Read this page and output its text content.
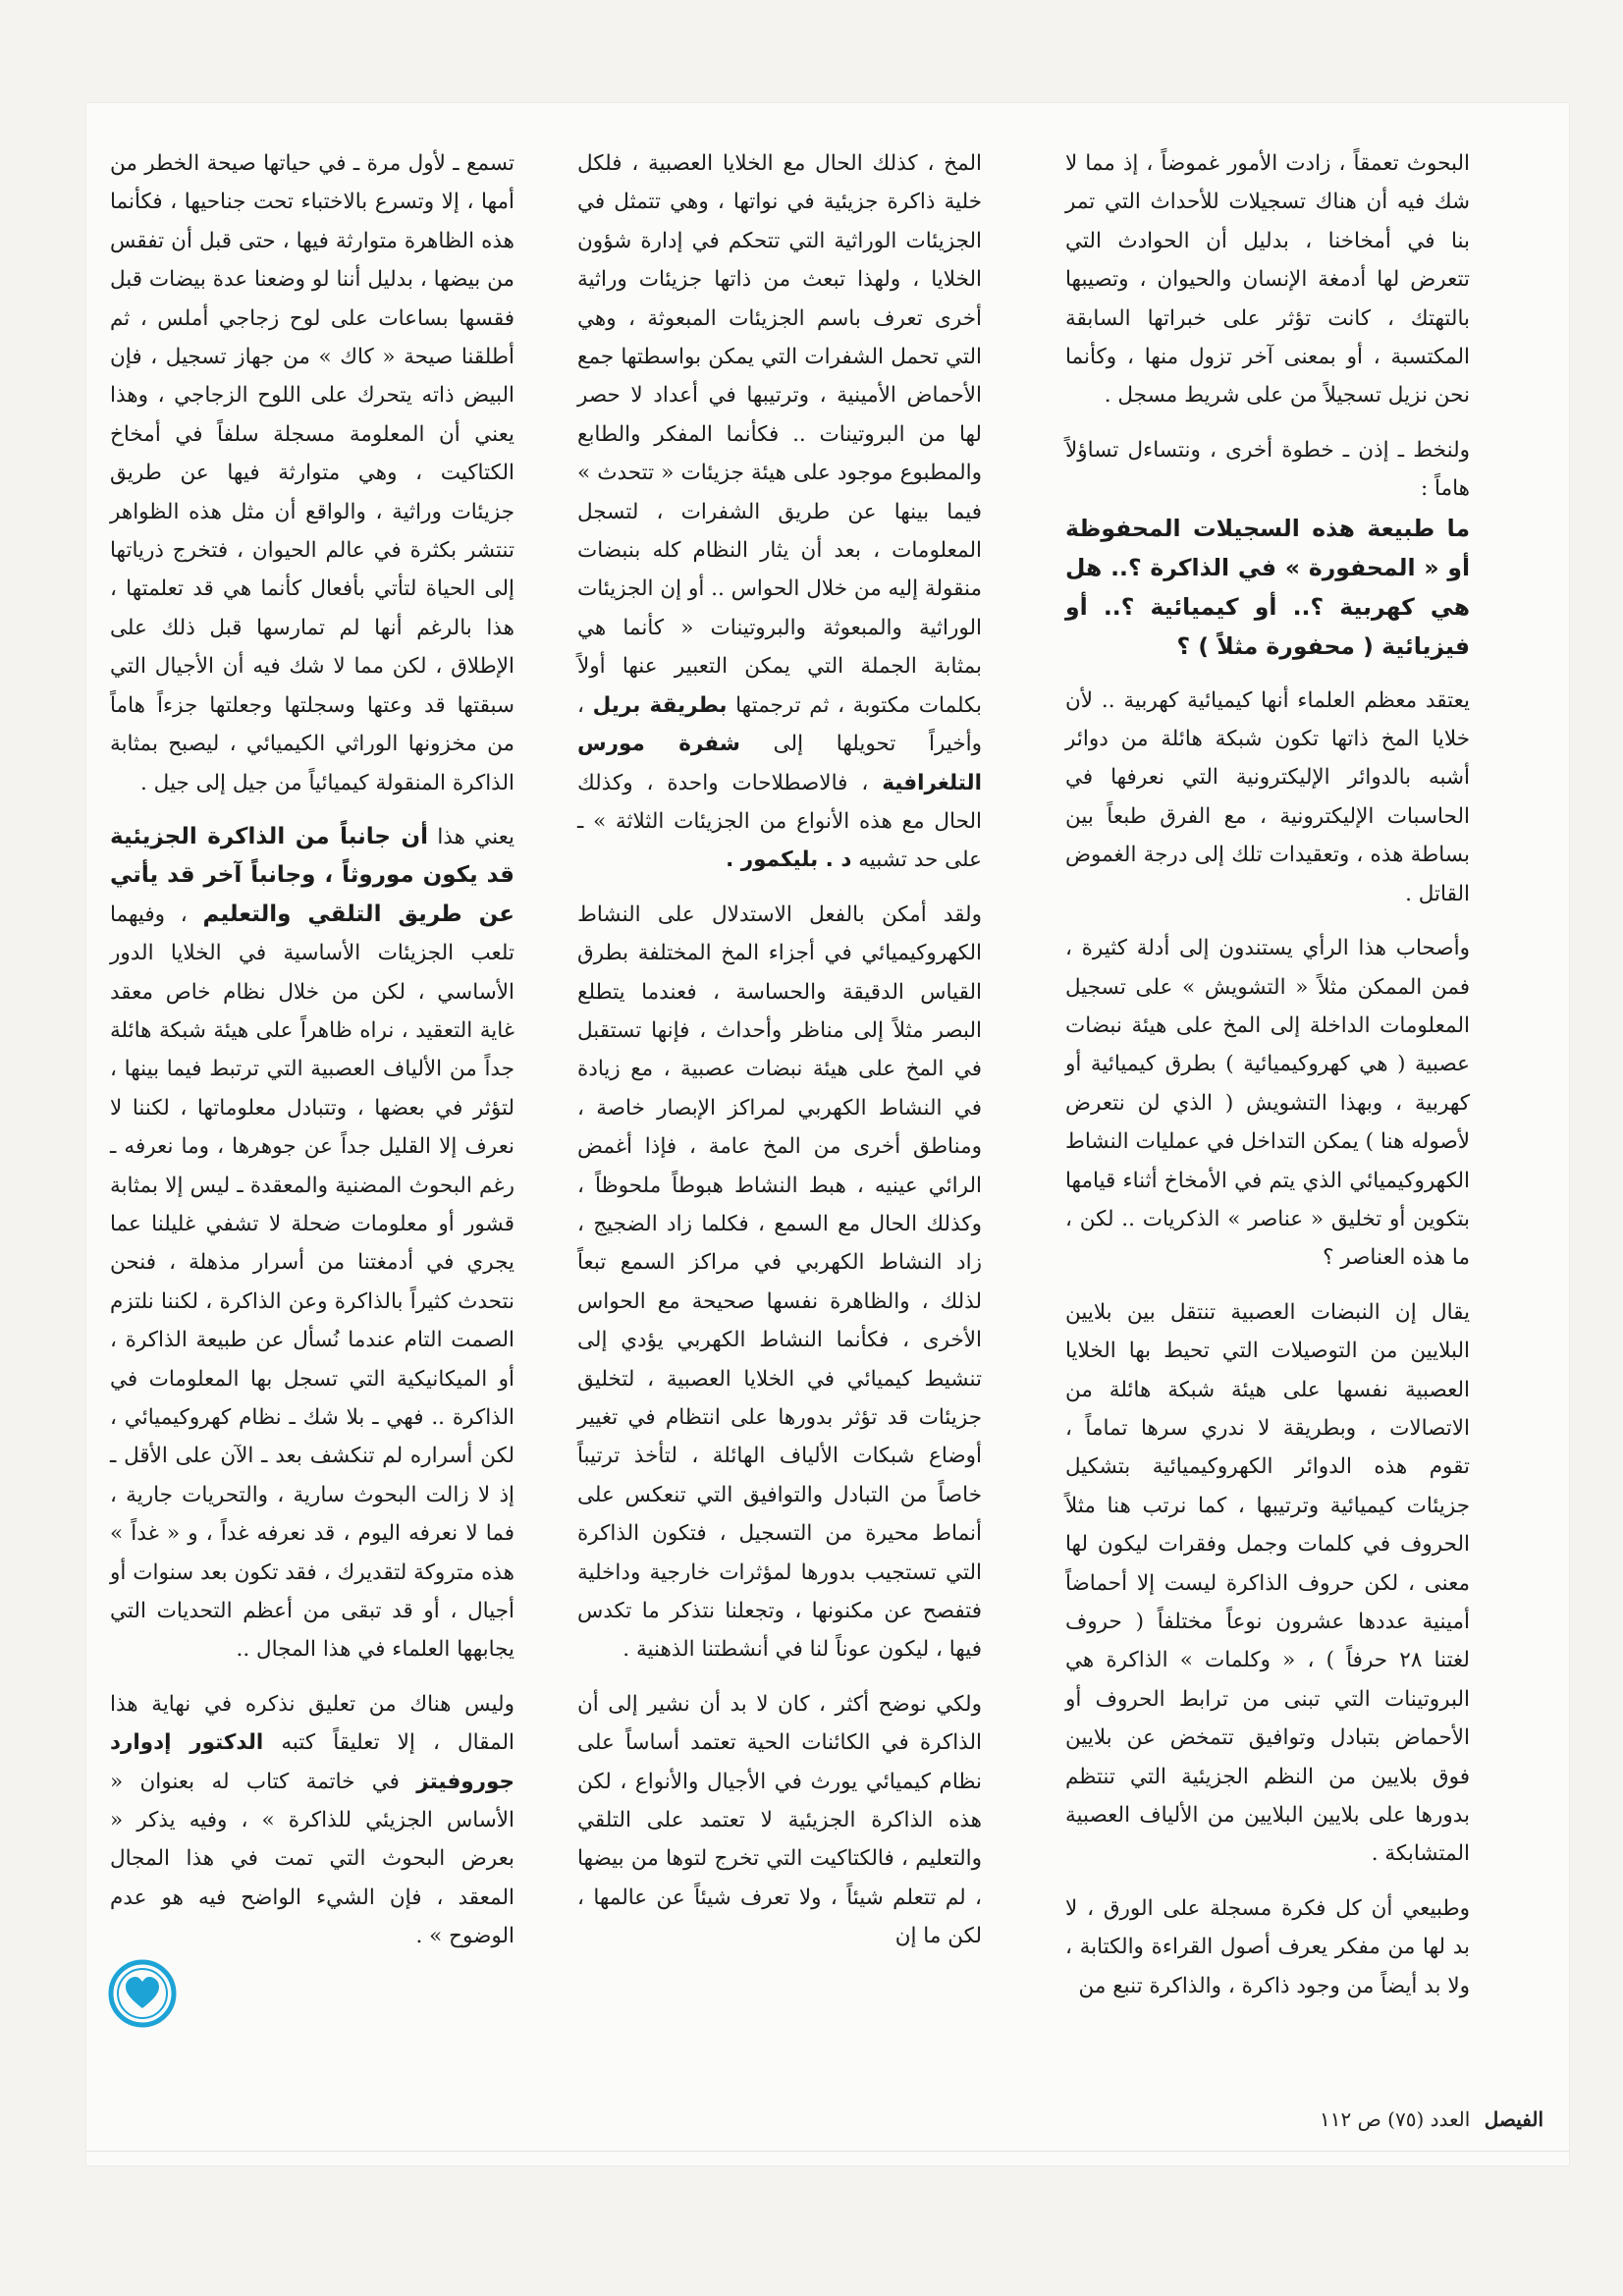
البحوث تعمقاً ، زادت الأمور غموضاً ، إذ مما لا شك فيه أن هناك تسجيلات للأحداث التي تمر بنا في أمخاخنا ، بدليل أن الحوادث التي تتعرض لها أدمغة الإنسان والحيوان ، وتصيبها بالتهتك ، كانت تؤثر على خبراتها السابقة المكتسبة ، أو بمعنى آخر تزول منها ، وكأنما نحن نزيل تسجيلاً من على شريط مسجل .

ولنخط ـ إذن ـ خطوة أخرى ، ونتساءل تساؤلاً هاماً :

ما طبيعة هذه السجيلات المحفوظة أو « المحفورة » في الذاكرة ؟.. هل هي كهربية ؟.. أو كيميائية ؟.. أو فيزيائية ( محفورة مثلاً ) ؟

يعتقد معظم العلماء أنها كيميائية كهربية .. لأن خلايا المخ ذاتها تكون شبكة هائلة من دوائر أشبه بالدوائر الإليكترونية التي نعرفها في الحاسبات الإليكترونية ، مع الفرق طبعاً بين بساطة هذه ، وتعقيدات تلك إلى درجة الغموض القاتل .

وأصحاب هذا الرأي يستندون إلى أدلة كثيرة ، فمن الممكن مثلاً « التشويش » على تسجيل المعلومات الداخلة إلى المخ على هيئة نبضات عصبية ( هي كهروكيميائية ) بطرق كيميائية أو كهربية ، وبهذا التشويش ( الذي لن نتعرض لأصوله هنا ) يمكن التداخل في عمليات النشاط الكهروكيميائي الذي يتم في الأمخاخ أثناء قيامها بتكوين أو تخليق « عناصر » الذكريات .. لكن ، ما هذه العناصر ؟

يقال إن النبضات العصبية تنتقل بين بلايين البلايين من التوصيلات التي تحيط بها الخلايا العصبية نفسها على هيئة شبكة هائلة من الاتصالات ، وبطريقة لا ندري سرها تماماً ، تقوم هذه الدوائر الكهروكيميائية بتشكيل جزيئات كيميائية وترتيبها ، كما نرتب هنا مثلاً الحروف في كلمات وجمل وفقرات ليكون لها معنى ، لكن حروف الذاكرة ليست إلا أحماضاً أمينية عددها عشرون نوعاً مختلفاً ( حروف لغتنا ٢٨ حرفاً ) ، « وكلمات » الذاكرة هي البروتينات التي تبنى من ترابط الحروف أو الأحماض بتبادل وتوافيق تتمخض عن بلايين فوق بلايين من النظم الجزيئية التي تنتظم بدورها على بلايين البلايين من الألياف العصبية المتشابكة .

وطبيعي أن كل فكرة مسجلة على الورق ، لا بد لها من مفكر يعرف أصول القراءة والكتابة ، ولا بد أيضاً من وجود ذاكرة ، والذاكرة تنبع من

المخ ، كذلك الحال مع الخلايا العصبية ، فلكل خلية ذاكرة جزيئية في نواتها ، وهي تتمثل في الجزيئات الوراثية التي تتحكم في إدارة شؤون الخلايا ، ولهذا تبعث من ذاتها جزيئات وراثية أخرى تعرف باسم الجزيئات المبعوثة ، وهي التي تحمل الشفرات التي يمكن بواسطتها جمع الأحماض الأمينية ، وترتيبها في أعداد لا حصر لها من البروتينات .. فكأنما المفكر والطابع والمطبوع موجود على هيئة جزيئات « تتحدث » فيما بينها عن طريق الشفرات ، لتسجل المعلومات ، بعد أن يثار النظام كله بنبضات منقولة إليه من خلال الحواس .. أو إن الجزيئات الوراثية والمبعوثة والبروتينات « كأنما هي بمثابة الجملة التي يمكن التعبير عنها أولاً بكلمات مكتوبة ، ثم ترجمتها بطريقة بريل ، وأخيراً تحويلها إلى شفرة مورس التلغرافية ، فالاصطلاحات واحدة ، وكذلك الحال مع هذه الأنواع من الجزيئات الثلاثة » ـ على حد تشبيه د . بليكمور .

ولقد أمكن بالفعل الاستدلال على النشاط الكهروكيميائي في أجزاء المخ المختلفة بطرق القياس الدقيقة والحساسة ، فعندما يتطلع البصر مثلاً إلى مناظر وأحداث ، فإنها تستقبل في المخ على هيئة نبضات عصبية ، مع زيادة في النشاط الكهربي لمراكز الإبصار خاصة ، ومناطق أخرى من المخ عامة ، فإذا أغمض الرائي عينيه ، هبط النشاط هبوطاً ملحوظاً ، وكذلك الحال مع السمع ، فكلما زاد الضجيج ، زاد النشاط الكهربي في مراكز السمع تبعاً لذلك ، والظاهرة نفسها صحيحة مع الحواس الأخرى ، فكأنما النشاط الكهربي يؤدي إلى تنشيط كيميائي في الخلايا العصبية ، لتخليق جزيئات قد تؤثر بدورها على انتظام في تغيير أوضاع شبكات الألياف الهائلة ، لتأخذ ترتيباً خاصاً من التبادل والتوافيق التي تنعكس على أنماط محيرة من التسجيل ، فتكون الذاكرة التي تستجيب بدورها لمؤثرات خارجية وداخلية فتفصح عن مكنونها ، وتجعلنا نتذكر ما تكدس فيها ، ليكون عوناً لنا في أنشطتنا الذهنية .

ولكي نوضح أكثر ، كان لا بد أن نشير إلى أن الذاكرة في الكائنات الحية تعتمد أساساً على نظام كيميائي يورث في الأجيال والأنواع ، لكن هذه الذاكرة الجزيئية لا تعتمد على التلقي والتعليم ، فالكتاكيت التي تخرج لتوها من بيضها ، لم تتعلم شيئاً ، ولا تعرف شيئاً عن عالمها ، لكن ما إن

تسمع ـ لأول مرة ـ في حياتها صيحة الخطر من أمها ، إلا وتسرع بالاختباء تحت جناحيها ، فكأنما هذه الظاهرة متوارثة فيها ، حتى قبل أن تفقس من بيضها ، بدليل أننا لو وضعنا عدة بيضات قبل فقسها بساعات على لوح زجاجي أملس ، ثم أطلقنا صيحة « كاك » من جهاز تسجيل ، فإن البيض ذاته يتحرك على اللوح الزجاجي ، وهذا يعني أن المعلومة مسجلة سلفاً في أمخاخ الكتاكيت ، وهي متوارثة فيها عن طريق جزيئات وراثية ، والواقع أن مثل هذه الظواهر تنتشر بكثرة في عالم الحيوان ، فتخرج ذرياتها إلى الحياة لتأتي بأفعال كأنما هي قد تعلمتها ، هذا بالرغم أنها لم تمارسها قبل ذلك على الإطلاق ، لكن مما لا شك فيه أن الأجيال التي سبقتها قد وعتها وسجلتها وجعلتها جزءاً هاماً من مخزونها الوراثي الكيميائي ، ليصبح بمثابة الذاكرة المنقولة كيميائياً من جيل إلى جيل .

يعني هذا أن جانباً من الذاكرة الجزيئية قد يكون موروثاً ، وجانباً آخر قد يأتي عن طريق التلقي والتعليم ، وفيهما تلعب الجزيئات الأساسية في الخلايا الدور الأساسي ، لكن من خلال نظام خاص معقد غاية التعقيد ، نراه ظاهراً على هيئة شبكة هائلة جداً من الألياف العصبية التي ترتبط فيما بينها ، لتؤثر في بعضها ، وتتبادل معلوماتها ، لكننا لا نعرف إلا القليل جداً عن جوهرها ، وما نعرفه ـ رغم البحوث المضنية والمعقدة ـ ليس إلا بمثابة قشور أو معلومات ضحلة لا تشفي غليلنا عما يجري في أدمغتنا من أسرار مذهلة ، فنحن نتحدث كثيراً بالذاكرة وعن الذاكرة ، لكننا نلتزم الصمت التام عندما نُسأل عن طبيعة الذاكرة ، أو الميكانيكية التي تسجل بها المعلومات في الذاكرة .. فهي ـ بلا شك ـ نظام كهروكيميائي ، لكن أسراره لم تنكشف بعد ـ الآن على الأقل ـ إذ لا زالت البحوث سارية ، والتحريات جارية ، فما لا نعرفه اليوم ، قد نعرفه غداً ، و « غداً » هذه متروكة لتقديرك ، فقد تكون بعد سنوات أو أجيال ، أو قد تبقى من أعظم التحديات التي يجابهها العلماء في هذا المجال ..

وليس هناك من تعليق نذكره في نهاية هذا المقال ، إلا تعليقاً كتبه الدكتور إدوارد جوروفيتز في خاتمة كتاب له بعنوان « الأساس الجزيئي للذاكرة » ، وفيه يذكر « بعرض البحوث التي تمت في هذا المجال المعقد ، فإن الشيء الواضح فيه هو عدم الوضوح » .

الفيصل العدد (٧٥) ص ١١٢
